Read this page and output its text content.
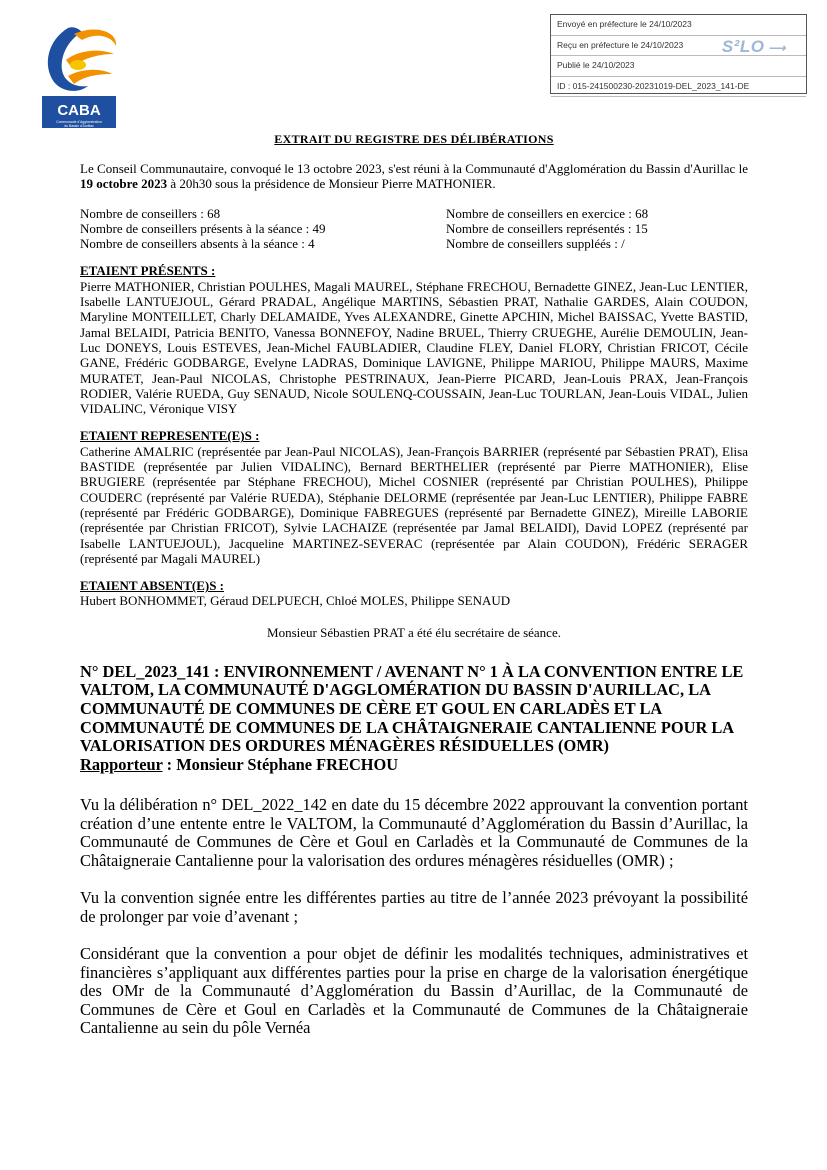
CABA
Communauté d'Agglomération
du Bassin d'Aurillac
Envoyé en préfecture le 24/10/2023
Reçu en préfecture le 24/10/2023
Publié le 24/10/2023
ID : 015-241500230-20231019-DEL_2023_141-DE
S²LO ⟶

EXTRAIT DU REGISTRE DES DÉLIBÉRATIONS

Le Conseil Communautaire, convoqué le 13 octobre 2023, s'est réuni à la Communauté d'Agglomération du Bassin d'Aurillac le 19 octobre 2023 à 20h30 sous la présidence de Monsieur Pierre MATHONIER.

Nombre de conseillers : 68
Nombre de conseillers présents à la séance : 49
Nombre de conseillers absents à la séance : 4
Nombre de conseillers en exercice : 68
Nombre de conseillers représentés : 15
Nombre de conseillers suppléés : /

ETAIENT PRÉSENTS :

Pierre MATHONIER, Christian POULHES, Magali MAUREL, Stéphane FRECHOU, Bernadette GINEZ, Jean-Luc LENTIER, Isabelle LANTUEJOUL, Gérard PRADAL, Angélique MARTINS, Sébastien PRAT, Nathalie GARDES, Alain COUDON, Maryline MONTEILLET, Charly DELAMAIDE, Yves ALEXANDRE, Ginette APCHIN, Michel BAISSAC, Yvette BASTID, Jamal BELAIDI, Patricia BENITO, Vanessa BONNEFOY, Nadine BRUEL, Thierry CRUEGHE, Aurélie DEMOULIN, Jean-Luc DONEYS, Louis ESTEVES, Jean-Michel FAUBLADIER, Claudine FLEY, Daniel FLORY, Christian FRICOT, Cécile GANE, Frédéric GODBARGE, Evelyne LADRAS, Dominique LAVIGNE, Philippe MARIOU, Philippe MAURS, Maxime MURATET, Jean-Paul NICOLAS, Christophe PESTRINAUX, Jean-Pierre PICARD, Jean-Louis PRAX, Jean-François RODIER, Valérie RUEDA, Guy SENAUD, Nicole SOULENQ-COUSSAIN, Jean-Luc TOURLAN, Jean-Louis VIDAL, Julien VIDALINC, Véronique VISY

ETAIENT REPRESENTE(E)S :

Catherine AMALRIC (représentée par Jean-Paul NICOLAS), Jean-François BARRIER (représenté par Sébastien PRAT), Elisa BASTIDE (représentée par Julien VIDALINC), Bernard BERTHELIER (représenté par Pierre MATHONIER), Elise BRUGIERE (représentée par Stéphane FRECHOU), Michel COSNIER (représenté par Christian POULHES), Philippe COUDERC (représenté par Valérie RUEDA), Stéphanie DELORME (représentée par Jean-Luc LENTIER), Philippe FABRE (représenté par Frédéric GODBARGE), Dominique FABREGUES (représenté par Bernadette GINEZ), Mireille LABORIE (représentée par Christian FRICOT), Sylvie LACHAIZE (représentée par Jamal BELAIDI), David LOPEZ (représenté par Isabelle LANTUEJOUL), Jacqueline MARTINEZ-SEVERAC (représentée par Alain COUDON), Frédéric SERAGER (représenté par Magali MAUREL)

ETAIENT ABSENT(E)S :

Hubert BONHOMMET, Géraud DELPUECH, Chloé MOLES, Philippe SENAUD

Monsieur Sébastien PRAT a été élu secrétaire de séance.

N° DEL_2023_141 : ENVIRONNEMENT / AVENANT N° 1 À LA CONVENTION ENTRE LE VALTOM, LA COMMUNAUTÉ D'AGGLOMÉRATION DU BASSIN D'AURILLAC, LA COMMUNAUTÉ DE COMMUNES DE CÈRE ET GOUL EN CARLADÈS ET LA COMMUNAUTÉ DE COMMUNES DE LA CHÂTAIGNERAIE CANTALIENNE POUR LA VALORISATION DES ORDURES MÉNAGÈRES RÉSIDUELLES (OMR)

Rapporteur : Monsieur Stéphane FRECHOU

Vu la délibération n° DEL_2022_142 en date du 15 décembre 2022 approuvant la convention portant création d’une entente entre le VALTOM, la Communauté d’Agglomération du Bassin d’Aurillac, la Communauté de Communes de Cère et Goul en Carladès et la Communauté de Communes de la Châtaigneraie Cantalienne pour la valorisation des ordures ménagères résiduelles (OMR) ;

Vu la convention signée entre les différentes parties au titre de l’année 2023 prévoyant la possibilité de prolonger par voie d’avenant ;

Considérant que la convention a pour objet de définir les modalités techniques, administratives et financières s’appliquant aux différentes parties pour la prise en charge de la valorisation énergétique des OMr de la Communauté d’Agglomération du Bassin d’Aurillac, de la Communauté de Communes de Cère et Goul en Carladès et la Communauté de Communes de la Châtaigneraie Cantalienne au sein du pôle Vernéa
